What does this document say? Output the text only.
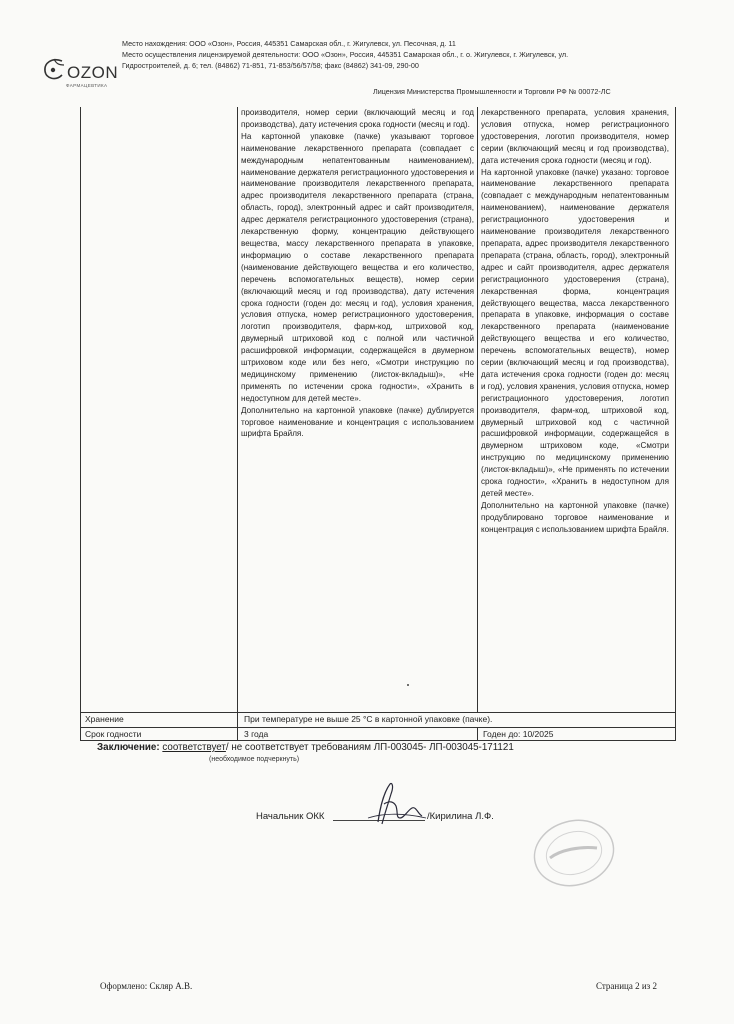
OZON
ФАРМАЦЕВТИКА
Место нахождения: ООО «Озон», Россия, 445351 Самарская обл., г. Жигулевск, ул. Песочная, д. 11
Место осуществления лицензируемой деятельности: ООО «Озон», Россия, 445351 Самарская обл., г. о. Жигулевск, г. Жигулевск, ул.
Гидростроителей, д. 6; тел. (84862) 71-851, 71-853/56/57/58; факс (84862) 341-09, 290-00
Лицензия Министерства Промышленности и Торговли РФ № 00072-ЛС

производителя, номер серии (включающий месяц и год производства), дату истечения срока годности (месяц и год).

На картонной упаковке (пачке) указывают торговое наименование лекарственного препарата (совпадает с международным непатентованным наименованием), наименование держателя регистрационного удостоверения и наименование производителя лекарственного препарата, адрес производителя лекарственного препарата (страна, область, город), электронный адрес и сайт производителя, адрес держателя регистрационного удостоверения (страна), лекарственную форму, концентрацию действующего вещества, массу лекарственного препарата в упаковке, информацию о составе лекарственного препарата (наименование действующего вещества и его количество, перечень вспомогательных веществ), номер серии (включающий месяц и год производства), дату истечения срока годности (годен до: месяц и год), условия хранения, условия отпуска, номер регистрационного удостоверения, логотип производителя, фарм-код, штриховой код, двумерный штриховой код с полной или частичной расшифровкой информации, содержащейся в двумерном штриховом коде или без него, «Смотри инструкцию по медицинскому применению (листок-вкладыш)», «Не применять по истечении срока годности», «Хранить в недоступном для детей месте».

Дополнительно на картонной упаковке (пачке) дублируется торговое наименование и концентрация с использованием шрифта Брайля.

лекарственного препарата, условия хранения, условия отпуска, номер регистрационного удостоверения, логотип производителя, номер серии (включающий месяц и год производства), дата истечения срока годности (месяц и год).

На картонной упаковке (пачке) указано: торговое наименование лекарственного препарата (совпадает с международным непатентованным наименованием), наименование держателя регистрационного удостоверения и наименование производителя лекарственного препарата, адрес производителя лекарственного препарата (страна, область, город), электронный адрес и сайт производителя, адрес держателя регистрационного удостоверения (страна), лекарственная форма, концентрация действующего вещества, масса лекарственного препарата в упаковке, информация о составе лекарственного препарата (наименование действующего вещества и его количество, перечень вспомогательных веществ), номер серии (включающий месяц и год производства), дата истечения срока годности (годен до: месяц и год), условия хранения, условия отпуска, номер регистрационного удостоверения, логотип производителя, фарм-код, штриховой код, двумерный штриховой код с частичной расшифровкой информации, содержащейся в двумерном штриховом коде, «Смотри инструкцию по медицинскому применению (листок-вкладыш)», «Не применять по истечении срока годности», «Хранить в недоступном для детей месте».

Дополнительно на картонной упаковке (пачке) продублировано торговое наименование и концентрация с использованием шрифта Брайля.

Хранение	При температуре не выше 25 °С в картонной упаковке (пачке).
Срок годности	3 года	Годен до: 10/2025
Заключение: соответствует/ не соответствует требованиям ЛП-003045- ЛП-003045-171121
(необходимое подчеркнуть)
Начальник ОКК	/Кирилина Л.Ф.
Оформлено: Скляр А.В.	Страница 2 из 2
